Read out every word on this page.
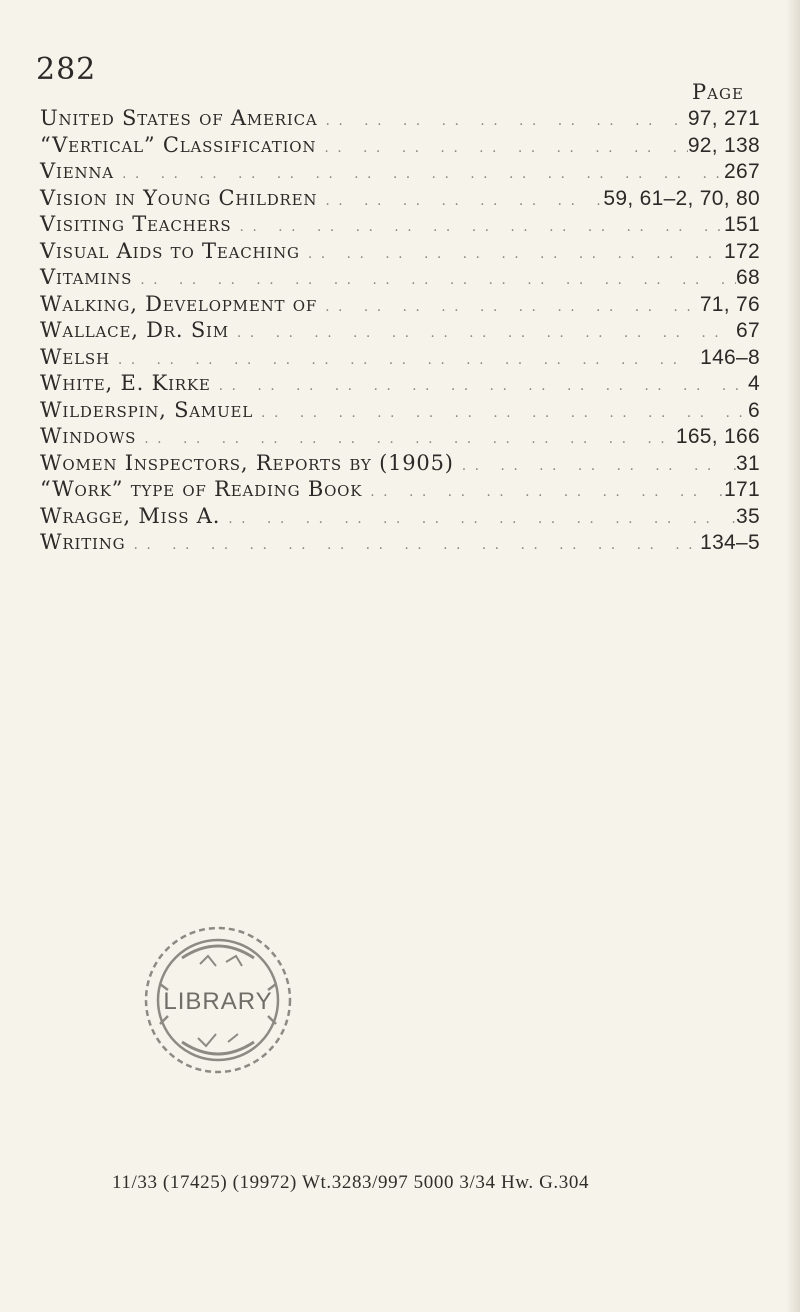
282
Page
United States of America . .	97, 271
“Vertical” Classification . .	92, 138
Vienna . .	267
Vision in Young Children . .	59, 61–2, 70, 80
Visiting Teachers . .	151
Visual Aids to Teaching . .	172
Vitamins . .	68
Walking, Development of . .	71, 76
Wallace, Dr. Sim . .	67
Welsh . .	146–8
White, E. Kirke . .	4
Wilderspin, Samuel . .	6
Windows . .	165, 166
Women Inspectors, Reports by (1905) . .	31
“Work” type of Reading Book . .	171
Wragge, Miss A. . .	35
Writing . .	134–5
LIBRARY
11/33 (17425) (19972) Wt.3283/997 5000 3/34 Hw. G.304
